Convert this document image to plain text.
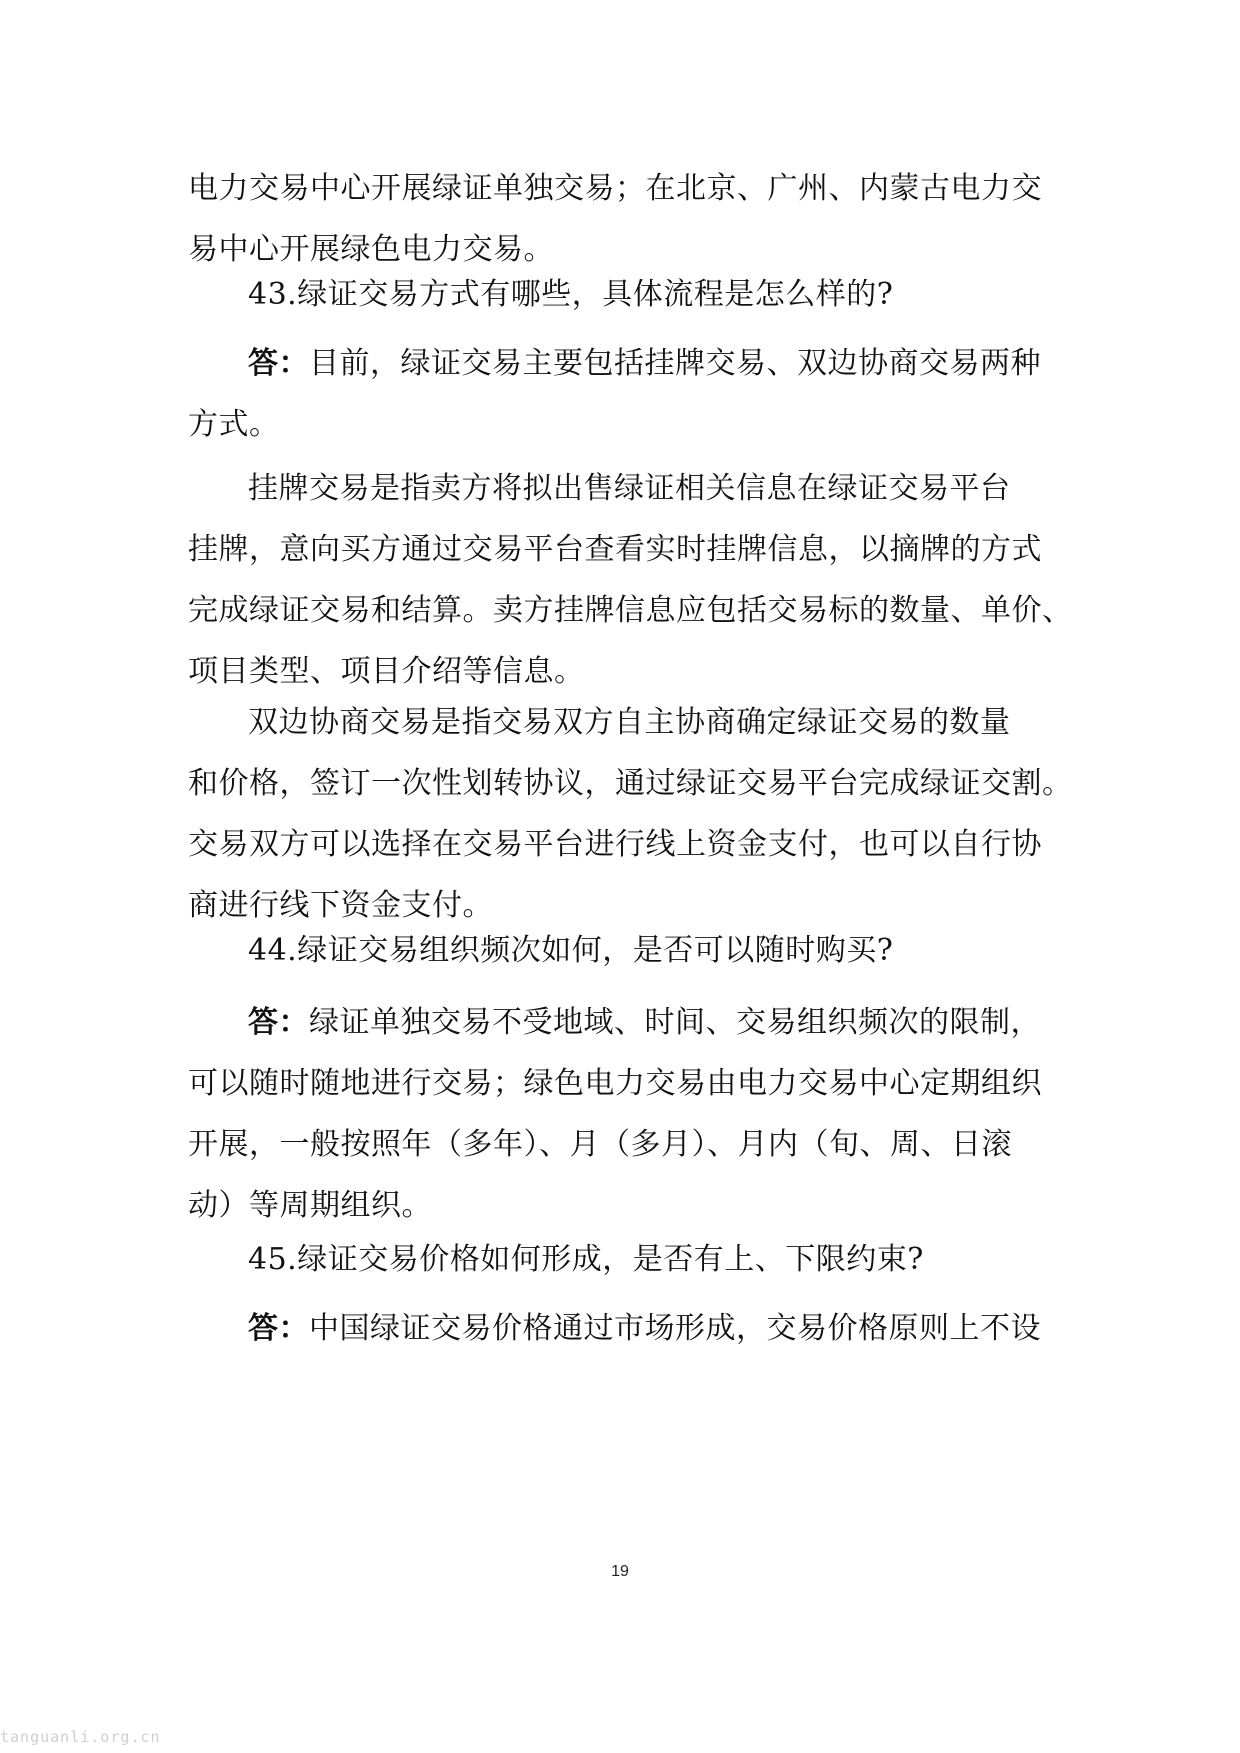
电力交易中心开展绿证单独交易；在北京、广州、内蒙古电力交
易中心开展绿色电力交易。

43.绿证交易方式有哪些，具体流程是怎么样的?

答：目前，绿证交易主要包括挂牌交易、双边协商交易两种
方式。

挂牌交易是指卖方将拟出售绿证相关信息在绿证交易平台
挂牌，意向买方通过交易平台查看实时挂牌信息，以摘牌的方式
完成绿证交易和结算。卖方挂牌信息应包括交易标的数量、单价、
项目类型、项目介绍等信息。

双边协商交易是指交易双方自主协商确定绿证交易的数量
和价格，签订一次性划转协议，通过绿证交易平台完成绿证交割。
交易双方可以选择在交易平台进行线上资金支付，也可以自行协
商进行线下资金支付。

44.绿证交易组织频次如何，是否可以随时购买?

答：绿证单独交易不受地域、时间、交易组织频次的限制，
可以随时随地进行交易；绿色电力交易由电力交易中心定期组织
开展，一般按照年（多年）、月（多月）、月内（旬、周、日滚
动）等周期组织。

45.绿证交易价格如何形成，是否有上、下限约束?

答：中国绿证交易价格通过市场形成，交易价格原则上不设

19
tanguanli.org.cn
